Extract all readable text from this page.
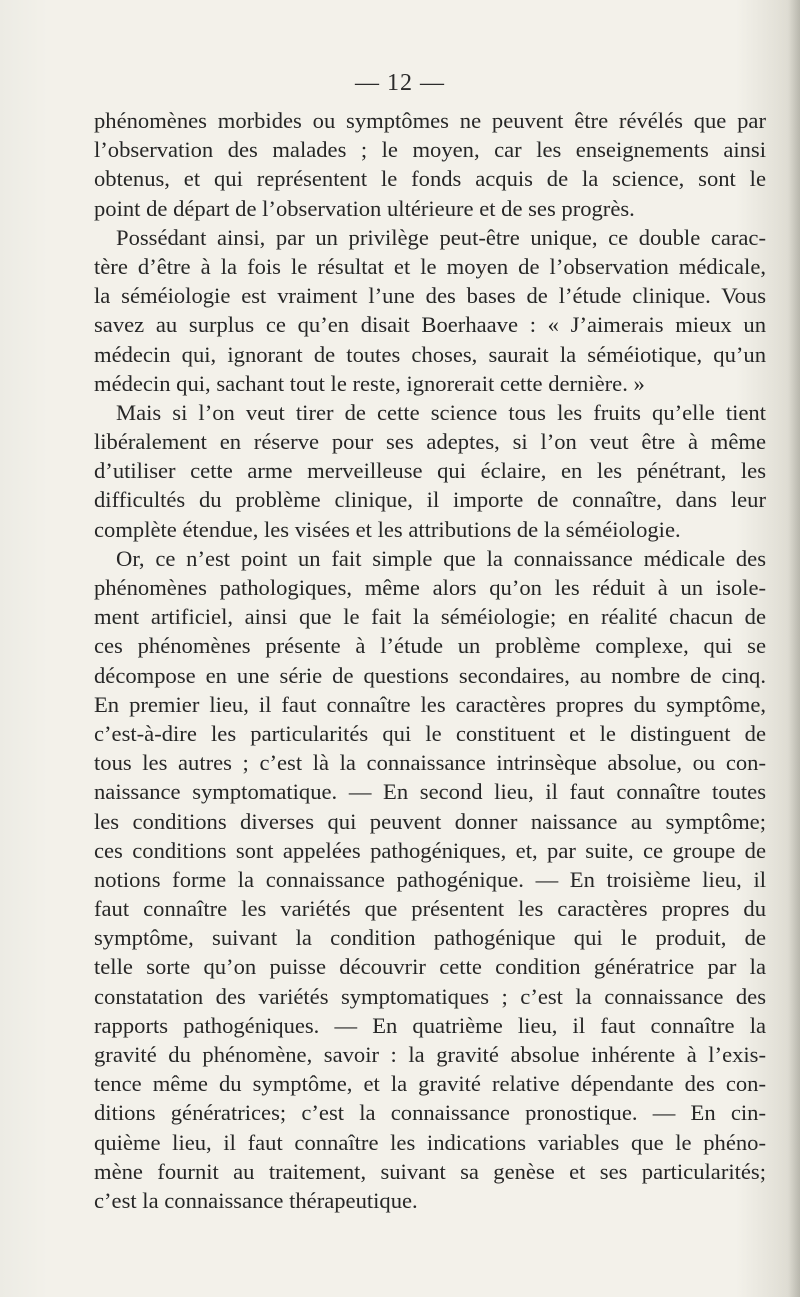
— 12 —
phénomènes morbides ou symptômes ne peuvent être révélés que par
l’observation des malades ; le moyen, car les enseignements ainsi
obtenus, et qui représentent le fonds acquis de la science, sont le
point de départ de l’observation ultérieure et de ses progrès.
Possédant ainsi, par un privilège peut-être unique, ce double carac-
tère d’être à la fois le résultat et le moyen de l’observation médicale,
la séméiologie est vraiment l’une des bases de l’étude clinique. Vous
savez au surplus ce qu’en disait Boerhaave : « J’aimerais mieux un
médecin qui, ignorant de toutes choses, saurait la séméiotique, qu’un
médecin qui, sachant tout le reste, ignorerait cette dernière. »
Mais si l’on veut tirer de cette science tous les fruits qu’elle tient
libéralement en réserve pour ses adeptes, si l’on veut être à même
d’utiliser cette arme merveilleuse qui éclaire, en les pénétrant, les
difficultés du problème clinique, il importe de connaître, dans leur
complète étendue, les visées et les attributions de la séméiologie.
Or, ce n’est point un fait simple que la connaissance médicale des
phénomènes pathologiques, même alors qu’on les réduit à un isole-
ment artificiel, ainsi que le fait la séméiologie; en réalité chacun de
ces phénomènes présente à l’étude un problème complexe, qui se
décompose en une série de questions secondaires, au nombre de cinq.
En premier lieu, il faut connaître les caractères propres du symptôme,
c’est-à-dire les particularités qui le constituent et le distinguent de
tous les autres ; c’est là la connaissance intrinsèque absolue, ou con-
naissance symptomatique. — En second lieu, il faut connaître toutes
les conditions diverses qui peuvent donner naissance au symptôme;
ces conditions sont appelées pathogéniques, et, par suite, ce groupe de
notions forme la connaissance pathogénique. — En troisième lieu, il
faut connaître les variétés que présentent les caractères propres du
symptôme, suivant la condition pathogénique qui le produit, de
telle sorte qu’on puisse découvrir cette condition génératrice par la
constatation des variétés symptomatiques ; c’est la connaissance des
rapports pathogéniques. — En quatrième lieu, il faut connaître la
gravité du phénomène, savoir : la gravité absolue inhérente à l’exis-
tence même du symptôme, et la gravité relative dépendante des con-
ditions génératrices; c’est la connaissance pronostique. — En cin-
quième lieu, il faut connaître les indications variables que le phéno-
mène fournit au traitement, suivant sa genèse et ses particularités;
c’est la connaissance thérapeutique.
